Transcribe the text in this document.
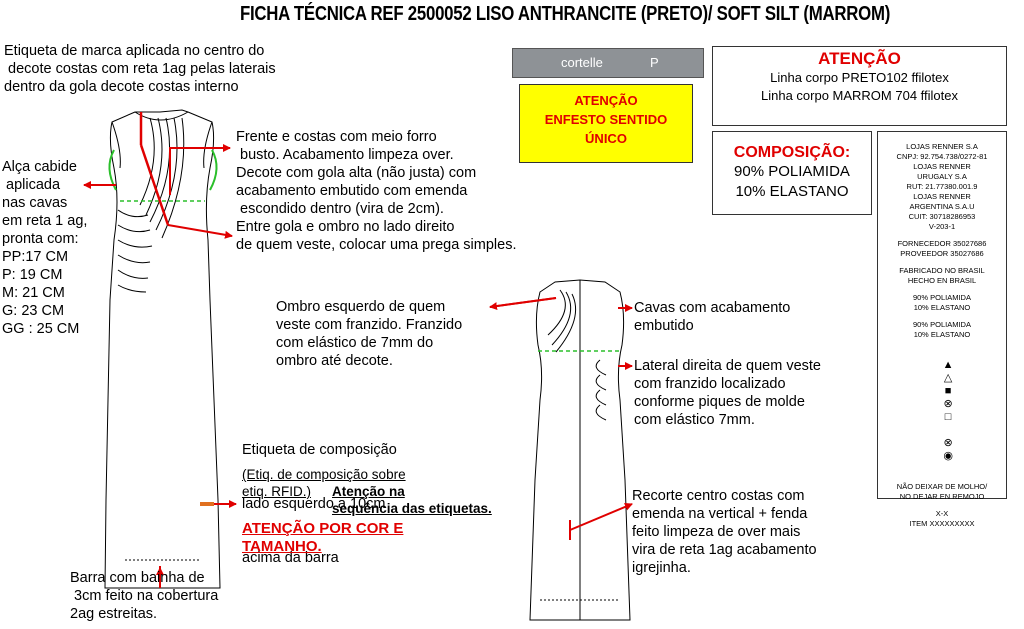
FICHA TÉCNICA REF 2500052 LISO ANTHRANCITE (PRETO)/ SOFT SILT (MARROM)
cortelle	P
ATENÇÃO
ENFESTO SENTIDO
ÚNICO
ATENÇÃO
Linha corpo PRETO102 ffilotex
Linha corpo MARROM 704 ffilotex
COMPOSIÇÃO:
90% POLIAMIDA
10% ELASTANO
LOJAS RENNER S.A
CNPJ: 92.754.738/0272-81
LOJAS RENNER
URUGALY S.A
RUT: 21.77380.001.9
LOJAS RENNER
ARGENTINA S.A.U
CUIT: 30718286953
V-203-1
FORNECEDOR 35027686
PROVEEDOR 35027686
FABRICADO NO BRASIL
HECHO EN BRASIL
90% POLIAMIDA
10% ELASTANO
90% POLIAMIDA
10% ELASTANO

▲
△
■
⊗
□

⊗
◉

NÃO DEIXAR DE MOLHO/
NO DEJAR EN REMOJO
X-X
ITEM XXXXXXXXX
Etiqueta de marca aplicada no centro do
decote costas com reta 1ag pelas laterais
dentro da gola decote costas interno
Alça cabide
aplicada
nas cavas
em reta 1 ag,
pronta com:
PP:17 CM
P: 19 CM
M: 21 CM
G: 23 CM
GG : 25 CM
Frente e costas com meio forro
busto. Acabamento limpeza over.
Decote com gola alta (não justa) com
acabamento embutido com emenda
escondido dentro (vira de 2cm).
Entre gola e ombro no lado direito
de quem veste, colocar uma prega simples.
Ombro esquerdo de quem
veste com franzido. Franzido
com elástico de 7mm do
ombro até decote.

Etiqueta de composição

lado esquerdo a 10cm

acima da barra

(Etiq. de composição sobre
etiq. RFID.)	Atenção na
sequência das etiquetas.
ATENÇÃO POR COR E
TAMANHO.
Barra com bainha de
3cm feito na cobertura
2ag estreitas.
Cavas com acabamento
embutido
Lateral direita de quem veste
com franzido localizado
conforme piques de molde
com elástico 7mm.
Recorte centro costas com
emenda na vertical + fenda
feito limpeza de over mais
vira de reta 1ag acabamento
igrejinha.
